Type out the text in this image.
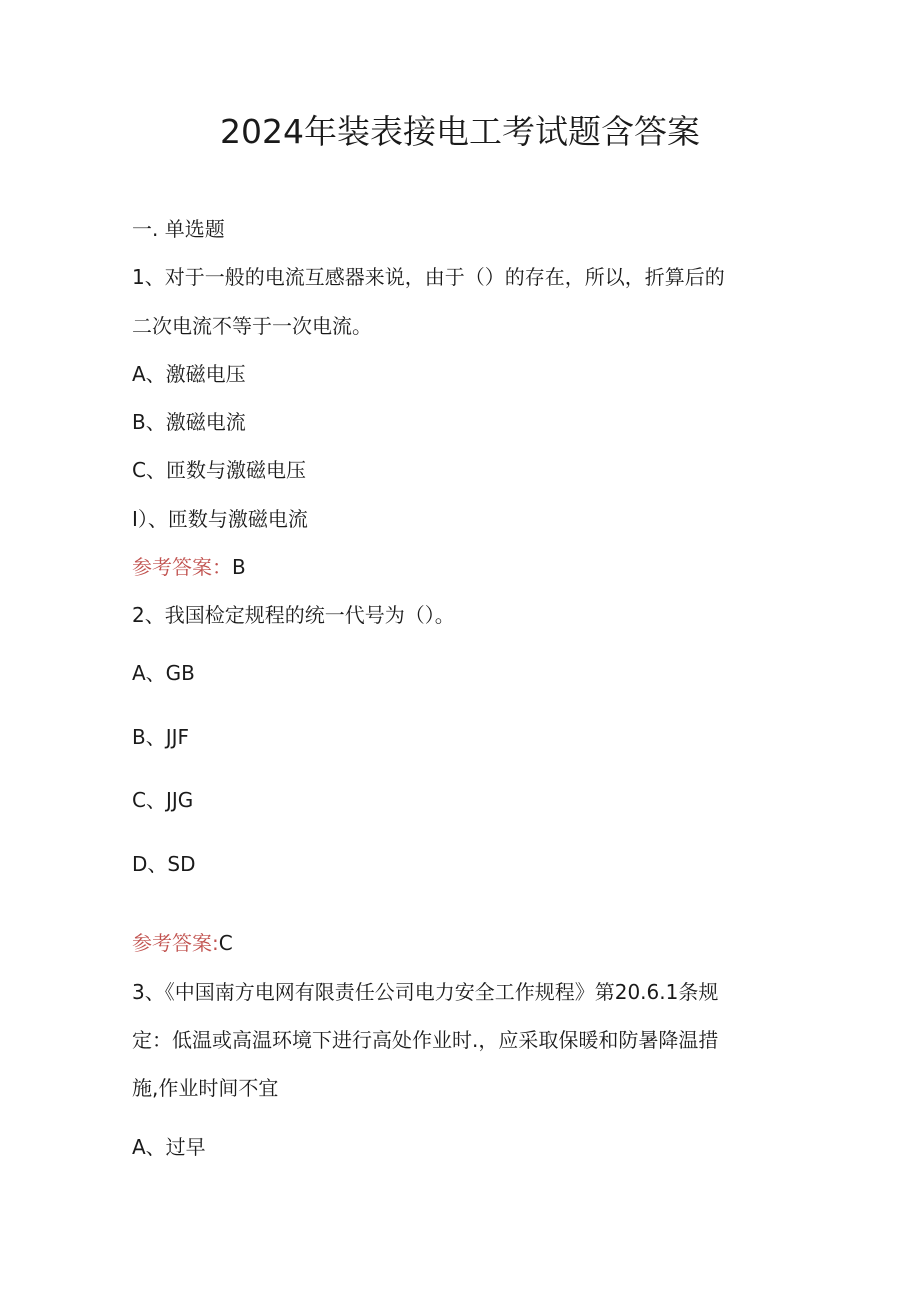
2024年装表接电工考试题含答案

一. 单选题

1、对于一般的电流互感器来说，由于（）的存在，所以，折算后的

二次电流不等于一次电流。

A、激磁电压

B、激磁电流

C、匝数与激磁电压

I）、匝数与激磁电流

参考答案：B

2、我国检定规程的统一代号为（）。

A、GB

B、JJF

C、JJG

D、SD

参考答案:C

3、《中国南方电网有限责任公司电力安全工作规程》第20.6.1条规

定：低温或高温环境下进行高处作业时.，应采取保暖和防暑降温措

施,作业时间不宜

A、过早
